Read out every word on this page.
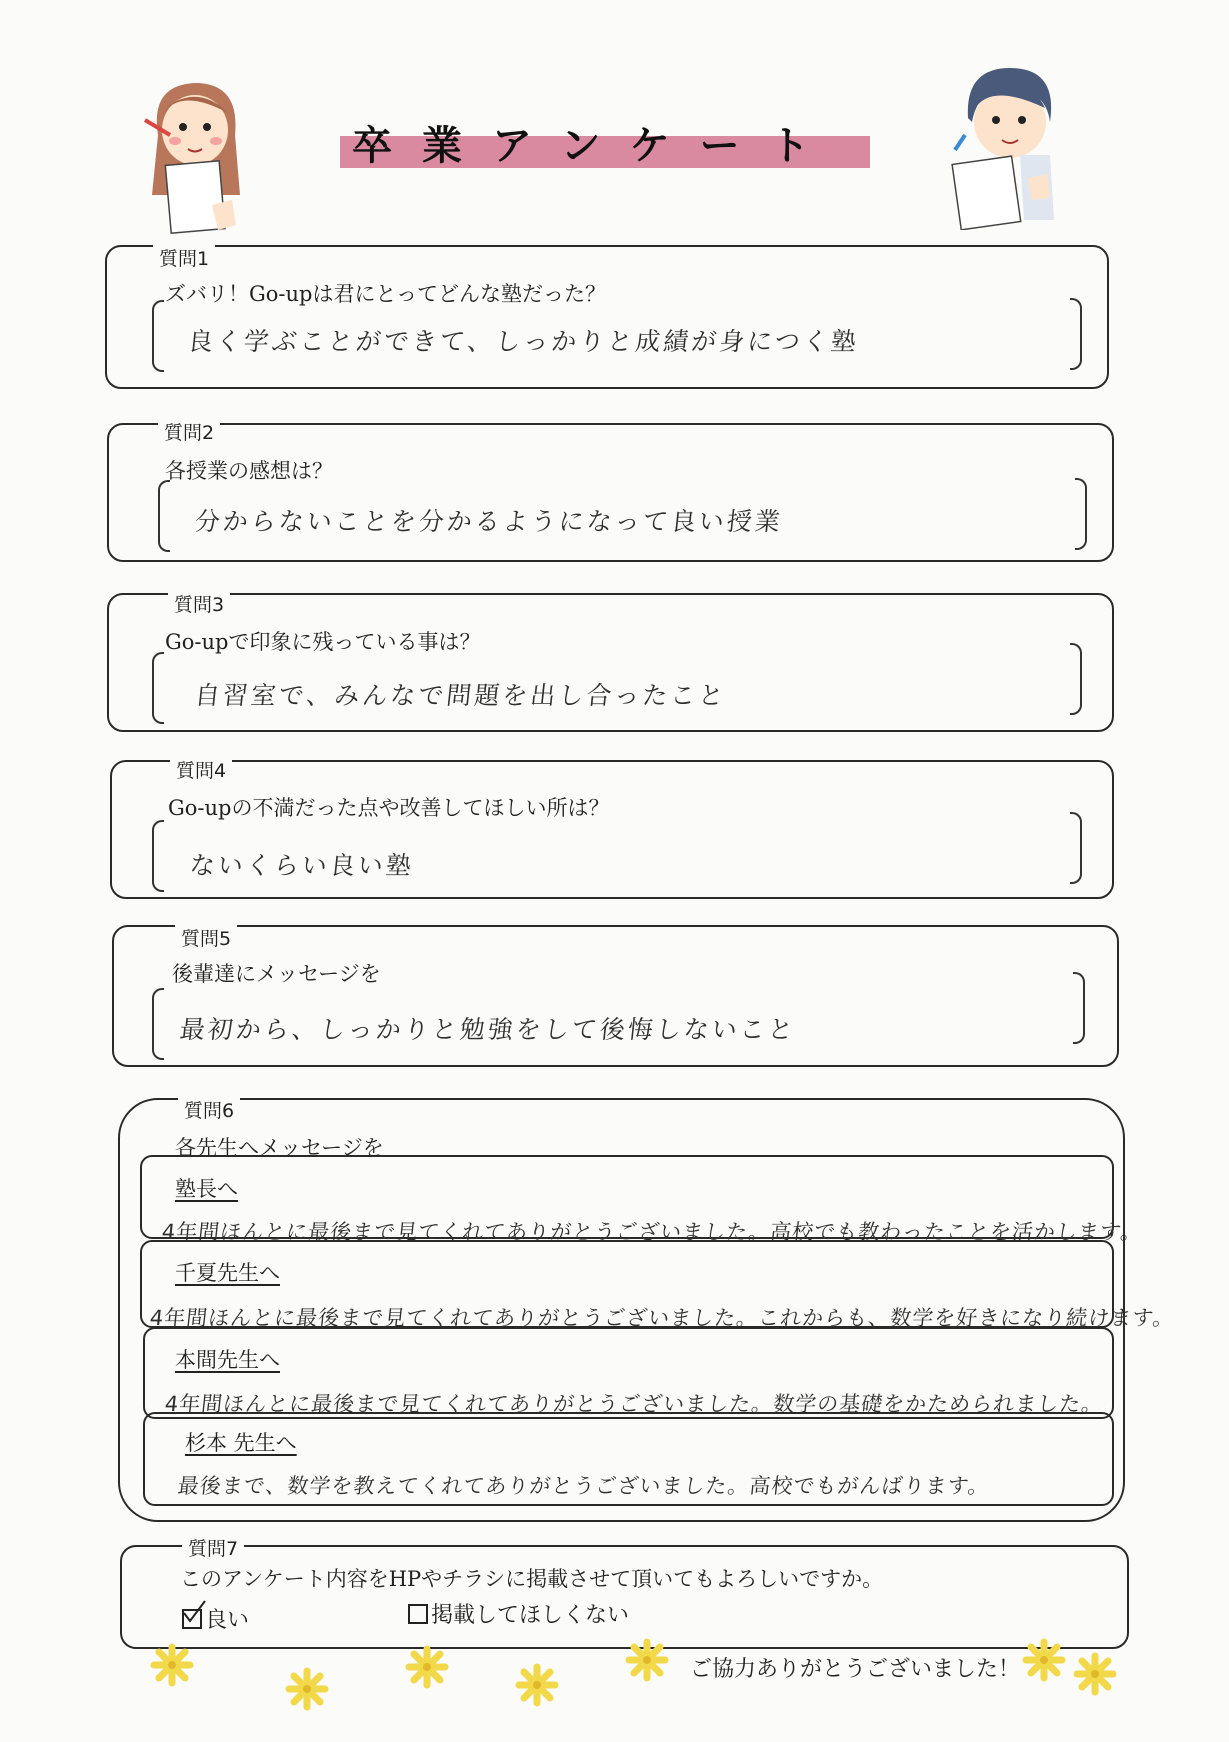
卒業アンケート
質問1
ズバリ！Go-upは君にとってどんな塾だった？
良く学ぶことができて、しっかりと成績が身につく塾
質問2
各授業の感想は？
分からないことを分かるようになって良い授業
質問3
Go-upで印象に残っている事は？
自習室で、みんなで問題を出し合ったこと
質問4
Go-upの不満だった点や改善してほしい所は？
ないくらい良い塾
質問5
後輩達にメッセージを
最初から、しっかりと勉強をして後悔しないこと
質問6
各先生へメッセージを
塾長へ
4年間ほんとに最後まで見てくれてありがとうございました。高校でも教わったことを活かします。
千夏先生へ
4年間ほんとに最後まで見てくれてありがとうございました。これからも、数学を好きになり続けます。
本間先生へ
4年間ほんとに最後まで見てくれてありがとうございました。数学の基礎をかためられました。
杉本 先生へ
最後まで、数学を教えてくれてありがとうございました。高校でもがんばります。
質問7
このアンケート内容をHPやチラシに掲載させて頂いてもよろしいですか。
良い	掲載してほしくない
ご協力ありがとうございました！
